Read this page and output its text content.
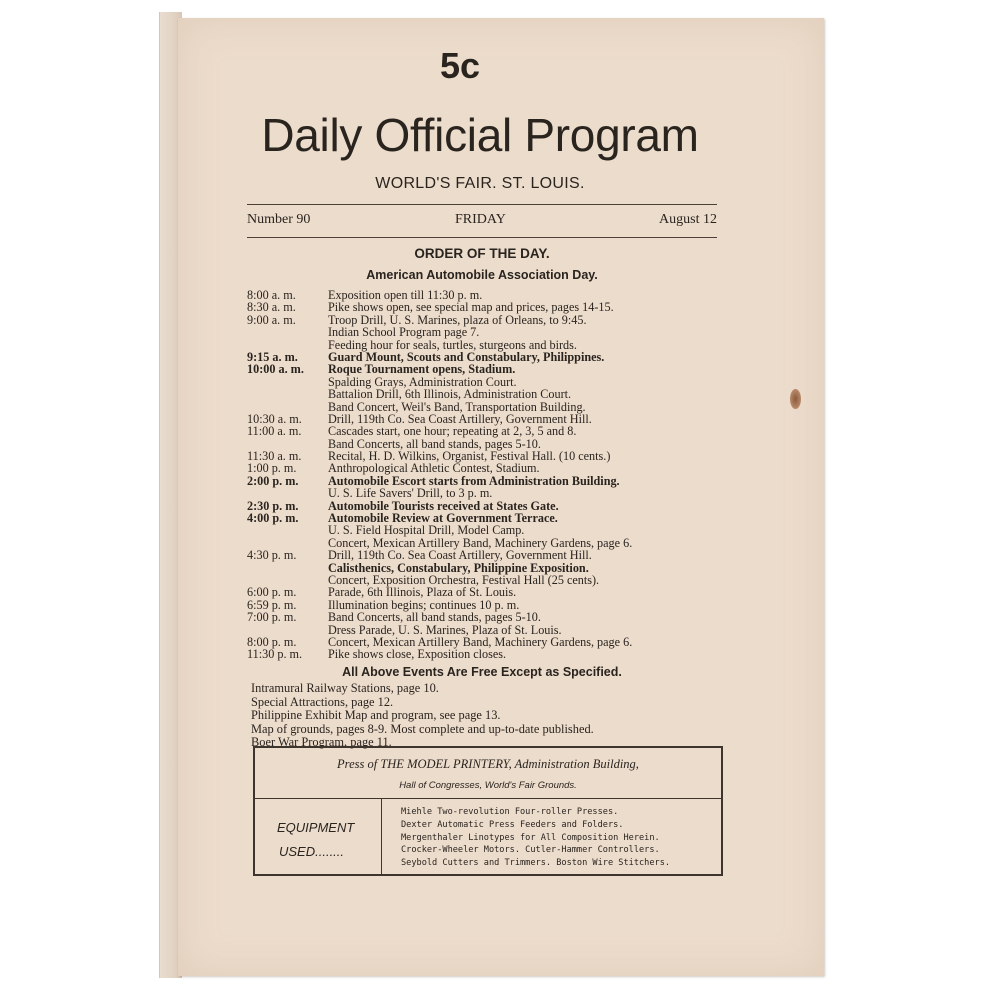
5c
Daily Official Program
WORLD'S FAIR. ST. LOUIS.
Number 90	FRIDAY	August 12
ORDER OF THE DAY.
American Automobile Association Day.
8:00 a. m.	Exposition open till 11:30 p. m.
8:30 a. m.	Pike shows open, see special map and prices, pages 14-15.
9:00 a. m.	Troop Drill, U. S. Marines, plaza of Orleans, to 9:45.
Indian School Program page 7.
Feeding hour for seals, turtles, sturgeons and birds.
9:15 a. m.	Guard Mount, Scouts and Constabulary, Philippines.
10:00 a. m.	Roque Tournament opens, Stadium.
Spalding Grays, Administration Court.
Battalion Drill, 6th Illinois, Administration Court.
Band Concert, Weil's Band, Transportation Building.
10:30 a. m.	Drill, 119th Co. Sea Coast Artillery, Government Hill.
11:00 a. m.	Cascades start, one hour; repeating at 2, 3, 5 and 8.
Band Concerts, all band stands, pages 5-10.
11:30 a. m.	Recital, H. D. Wilkins, Organist, Festival Hall. (10 cents.)
1:00 p. m.	Anthropological Athletic Contest, Stadium.
2:00 p. m.	Automobile Escort starts from Administration Building.
U. S. Life Savers' Drill, to 3 p. m.
2:30 p. m.	Automobile Tourists received at States Gate.
4:00 p. m.	Automobile Review at Government Terrace.
U. S. Field Hospital Drill, Model Camp.
Concert, Mexican Artillery Band, Machinery Gardens, page 6.
4:30 p. m.	Drill, 119th Co. Sea Coast Artillery, Government Hill.
Calisthenics, Constabulary, Philippine Exposition.
Concert, Exposition Orchestra, Festival Hall (25 cents).
6:00 p. m.	Parade, 6th Illinois, Plaza of St. Louis.
6:59 p. m.	Illumination begins; continues 10 p. m.
7:00 p. m.	Band Concerts, all band stands, pages 5-10.
Dress Parade, U. S. Marines, Plaza of St. Louis.
8:00 p. m.	Concert, Mexican Artillery Band, Machinery Gardens, page 6.
11:30 p. m.	Pike shows close, Exposition closes.
All Above Events Are Free Except as Specified.
Intramural Railway Stations, page 10.
Special Attractions, page 12.
Philippine Exhibit Map and program, see page 13.
Map of grounds, pages 8-9. Most complete and up-to-date published.
Boer War Program, page 11.
Press of THE MODEL PRINTERY, Administration Building,
Hall of Congresses, World's Fair Grounds.
EQUIPMENT
USED........
Miehle Two-revolution Four-roller Presses.
Dexter Automatic Press Feeders and Folders.
Mergenthaler Linotypes for All Composition Herein.
Crocker-Wheeler Motors. Cutler-Hammer Controllers.
Seybold Cutters and Trimmers. Boston Wire Stitchers.
